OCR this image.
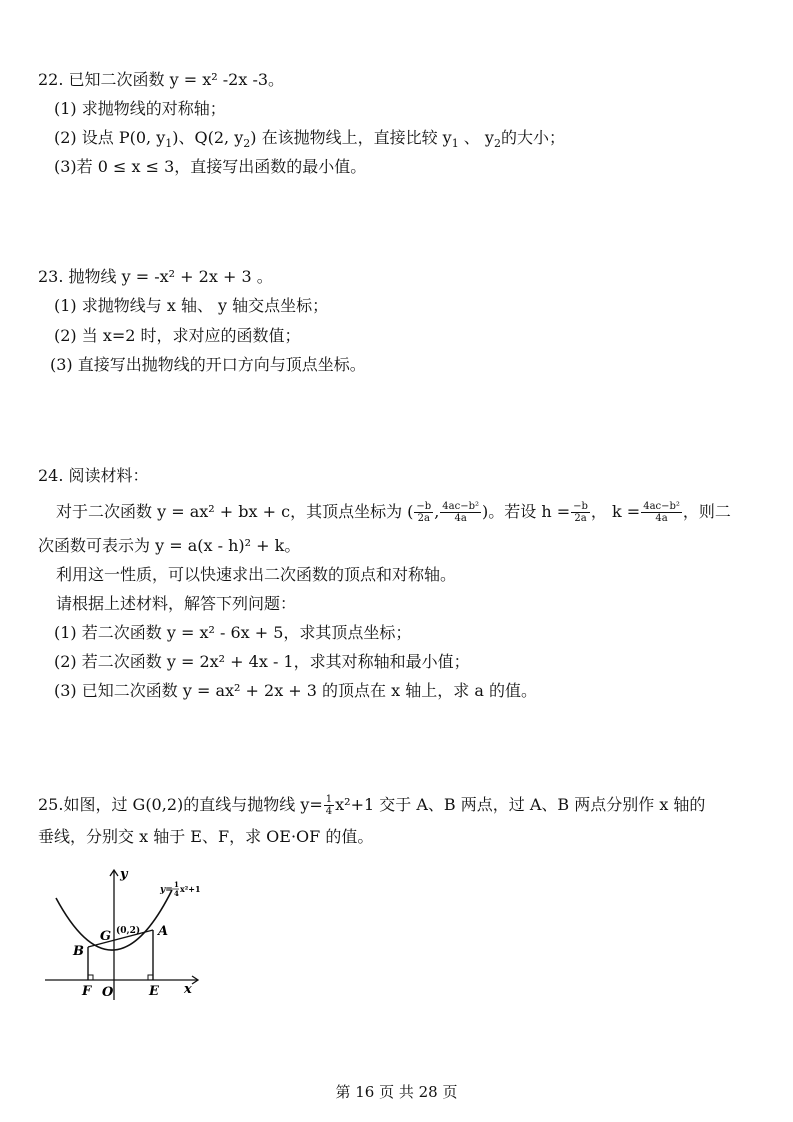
22. 已知二次函数 y = x² -2x -3。
(1) 求抛物线的对称轴；
(2) 设点 P(0, $y_1$)、Q(2, $y_2$) 在该抛物线上，直接比较 $y_1$ 、 $y_2$的大小；
(3)若 0 ≤ x ≤ 3，直接写出函数的最小值。
23. 抛物线 y = -x² + 2x + 3 。
(1) 求抛物线与 x 轴、 y 轴交点坐标；
(2) 当 x=2 时，求对应的函数值；
(3) 直接写出抛物线的开口方向与顶点坐标。
24. 阅读材料：
对于二次函数 y = ax² + bx + c，其顶点坐标为 ( $\frac{-b}{2a}$ , $\frac{\text{4ac−b²}}{4a}$ )。若设 $h = \frac{-b}{2a}$ ， $k = \frac{\text{4ac−b²}}{4a}$ ，则二
次函数可表示为 y = a(x - h)² + k。
利用这一性质，可以快速求出二次函数的顶点和对称轴。
请根据上述材料，解答下列问题：
(1) 若二次函数 y = x² - 6x + 5，求其顶点坐标；
(2) 若二次函数 y = 2x² + 4x - 1，求其对称轴和最小值；
(3) 已知二次函数 y = ax² + 2x + 3 的顶点在 x 轴上，求 a 的值。
25.如图，过 G(0,2)的直线与抛物线 $y= \frac{1}{4} x^2+1$ 交于 A、B 两点，过 A、B 两点分别作 x 轴的
垂线，分别交 x 轴于 E、F，求 OE·OF 的值。
y
x
y=
1
4 x²+1
G (0,2) A
B
F O	E
第 16 页 共 28 页
